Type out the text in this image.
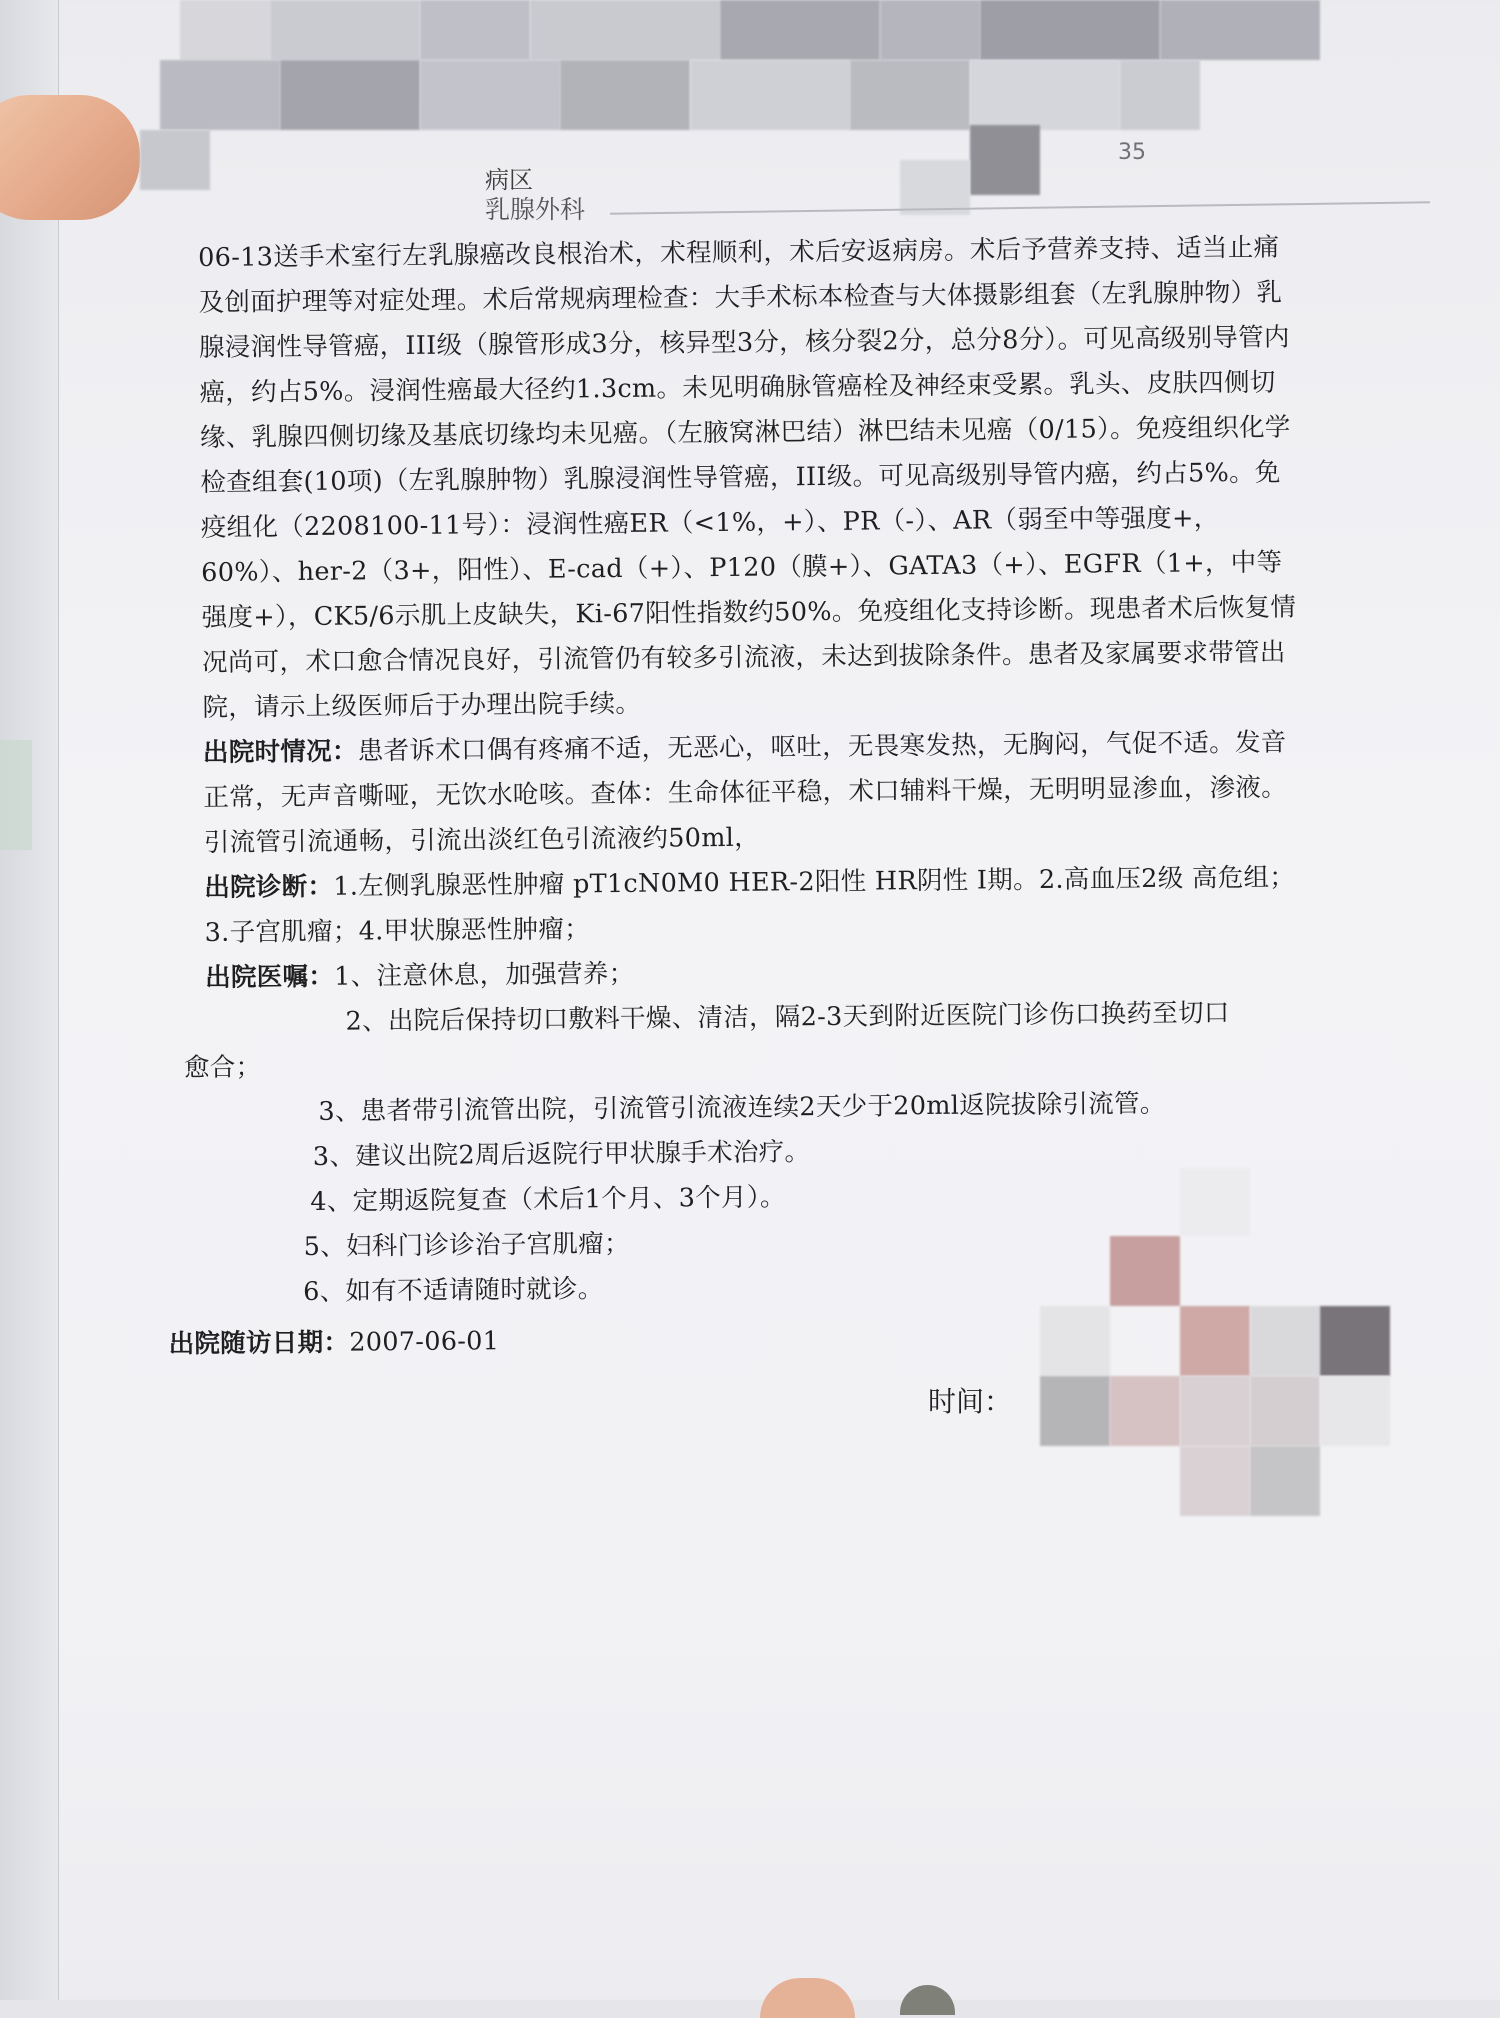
病区
乳腺外科
35

06-13送手术室行左乳腺癌改良根治术，术程顺利，术后安返病房。术后予营养支持、适当止痛及创面护理等对症处理。术后常规病理检查：大手术标本检查与大体摄影组套（左乳腺肿物）乳腺浸润性导管癌，III级（腺管形成3分，核异型3分，核分裂2分，总分8分）。可见高级别导管内癌，约占5%。浸润性癌最大径约1.3cm。未见明确脉管癌栓及神经束受累。乳头、皮肤四侧切缘、乳腺四侧切缘及基底切缘均未见癌。（左腋窝淋巴结）淋巴结未见癌（0/15）。免疫组织化学检查组套(10项)（左乳腺肿物）乳腺浸润性导管癌，III级。可见高级别导管内癌，约占5%。免疫组化（2208100-11号）：浸润性癌ER（<1%，+）、PR（-）、AR（弱至中等强度+，60%）、her-2（3+，阳性）、E-cad（+）、P120（膜+）、GATA3（+）、EGFR（1+，中等强度+），CK5/6示肌上皮缺失，Ki-67阳性指数约50%。免疫组化支持诊断。现患者术后恢复情况尚可，术口愈合情况良好，引流管仍有较多引流液，未达到拔除条件。患者及家属要求带管出院，请示上级医师后于办理出院手续。

出院时情况：患者诉术口偶有疼痛不适，无恶心，呕吐，无畏寒发热，无胸闷，气促不适。发音正常，无声音嘶哑，无饮水呛咳。查体：生命体征平稳，术口辅料干燥，无明明显渗血，渗液。引流管引流通畅，引流出淡红色引流液约50ml，

出院诊断：1.左侧乳腺恶性肿瘤 pT1cN0M0 HER-2阳性 HR阴性 I期。2.高血压2级 高危组；3.子宫肌瘤；4.甲状腺恶性肿瘤；

出院医嘱：1、注意休息，加强营养；

2、出院后保持切口敷料干燥、清洁，隔2-3天到附近医院门诊伤口换药至切口

愈合；

3、患者带引流管出院，引流管引流液连续2天少于20ml返院拔除引流管。

3、建议出院2周后返院行甲状腺手术治疗。

4、定期返院复查（术后1个月、3个月）。

5、妇科门诊诊治子宫肌瘤；

6、如有不适请随时就诊。

出院随访日期：2007-06-01

时间：
